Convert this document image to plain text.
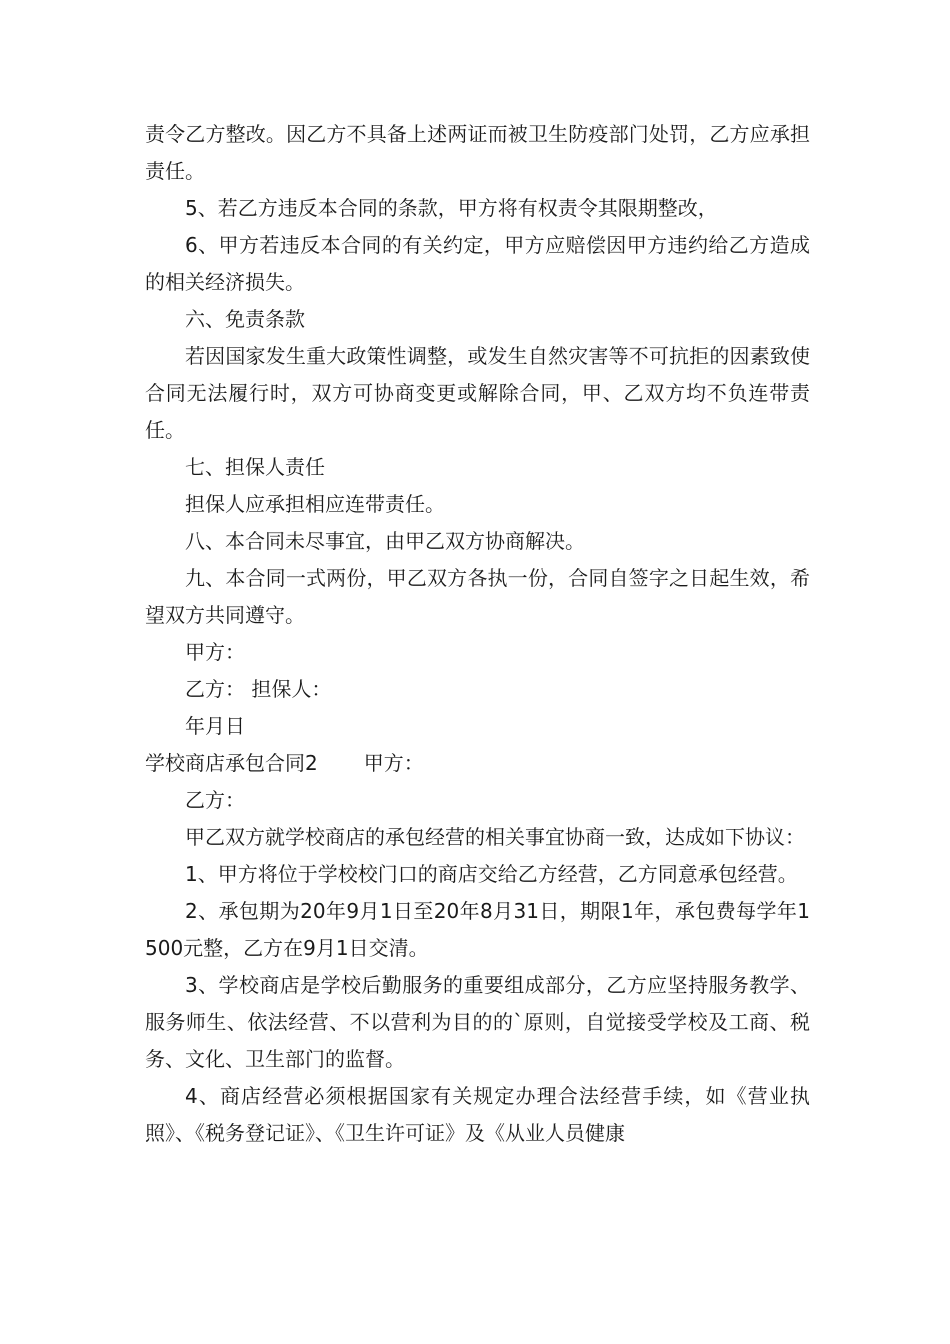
责令乙方整改。因乙方不具备上述两证而被卫生防疫部门处罚，乙方应承担责任。

5、若乙方违反本合同的条款，甲方将有权责令其限期整改，

6、甲方若违反本合同的有关约定，甲方应赔偿因甲方违约给乙方造成的相关经济损失。

六、免责条款

若因国家发生重大政策性调整，或发生自然灾害等不可抗拒的因素致使合同无法履行时，双方可协商变更或解除合同，甲、乙双方均不负连带责任。

七、担保人责任

担保人应承担相应连带责任。

八、本合同未尽事宜，由甲乙双方协商解决。

九、本合同一式两份，甲乙双方各执一份，合同自签字之日起生效，希望双方共同遵守。

甲方：

乙方： 担保人：

年月日

学校商店承包合同2 甲方：

乙方：

甲乙双方就学校商店的承包经营的相关事宜协商一致，达成如下协议：

1、甲方将位于学校校门口的商店交给乙方经营，乙方同意承包经营。

2、承包期为20年9月1日至20年8月31日，期限1年，承包费每学年1500元整，乙方在9月1日交清。

3、学校商店是学校后勤服务的重要组成部分，乙方应坚持服务教学、服务师生、依法经营、不以营利为目的的`原则，自觉接受学校及工商、税务、文化、卫生部门的监督。

4、商店经营必须根据国家有关规定办理合法经营手续，如《营业执照》、《税务登记证》、《卫生许可证》及《从业人员健康
